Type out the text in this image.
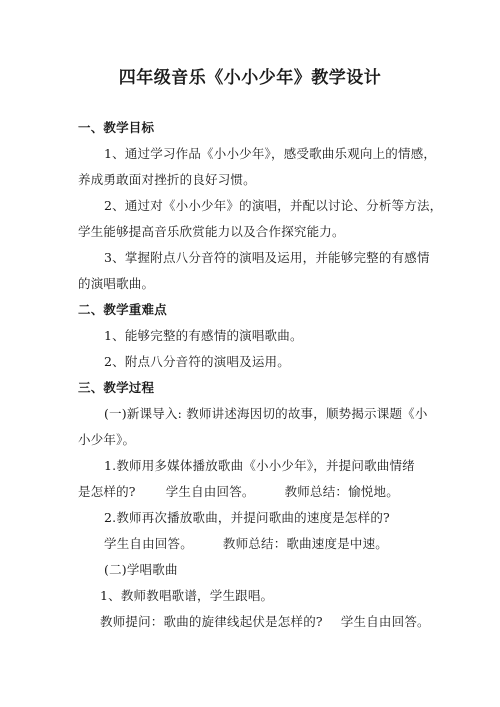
四年级音乐《小小少年》教学设计
一、教学目标
1、通过学习作品《小小少年》，感受歌曲乐观向上的情感，
养成勇敢面对挫折的良好习惯。
2、通过对《小小少年》的演唱，并配以讨论、分析等方法，
学生能够提高音乐欣赏能力以及合作探究能力。
3、掌握附点八分音符的演唱及运用，并能够完整的有感情
的演唱歌曲。
二、教学重难点
1、能够完整的有感情的演唱歌曲。
2、附点八分音符的演唱及运用。
三、教学过程
(一)新课导入: 教师讲述海因切的故事，顺势揭示课题《小
小少年》。
1.教师用多媒体播放歌曲《小小少年》，并提问歌曲情绪
是怎样的? 学生自由回答。 教师总结：愉悦地。
2.教师再次播放歌曲，并提问歌曲的速度是怎样的?
学生自由回答。 教师总结：歌曲速度是中速。
(二)学唱歌曲
1、教师教唱歌谱，学生跟唱。
教师提问：歌曲的旋律线起伏是怎样的? 学生自由回答。
